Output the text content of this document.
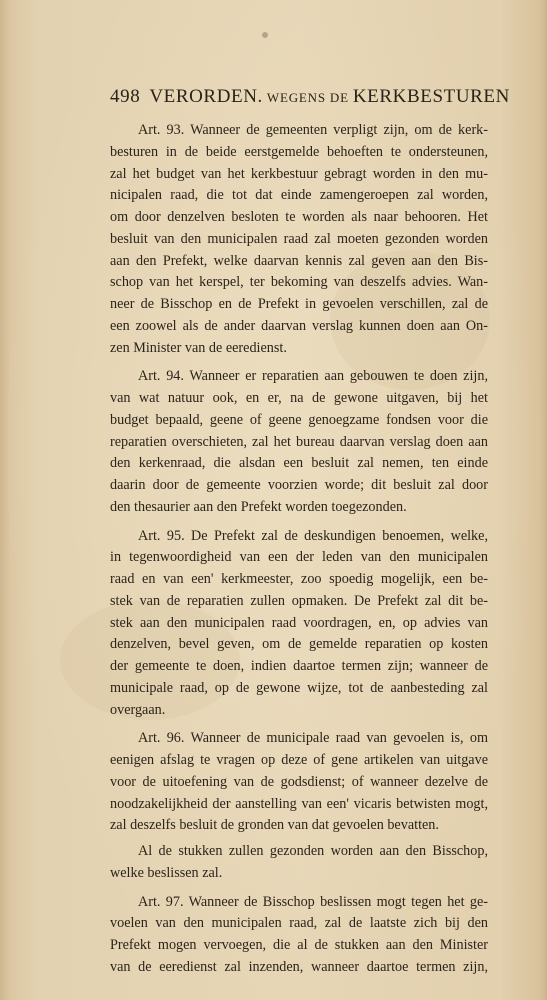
498 VERORDEN. WEGENS DE KERKBESTUREN
Art. 93. Wanneer de gemeenten verpligt zijn, om de kerk-
besturen in de beide eerstgemelde behoeften te ondersteunen,
zal het budget van het kerkbestuur gebragt worden in den mu-
nicipalen raad, die tot dat einde zamengeroepen zal worden,
om door denzelven besloten te worden als naar behooren. Het
besluit van den municipalen raad zal moeten gezonden worden
aan den Prefekt, welke daarvan kennis zal geven aan den Bis-
schop van het kerspel, ter bekoming van deszelfs advies. Wan-
neer de Bisschop en de Prefekt in gevoelen verschillen, zal de
een zoowel als de ander daarvan verslag kunnen doen aan On-
zen Minister van de eeredienst.
Art. 94. Wanneer er reparatien aan gebouwen te doen zijn,
van wat natuur ook, en er, na de gewone uitgaven, bij het
budget bepaald, geene of geene genoegzame fondsen voor die
reparatien overschieten, zal het bureau daarvan verslag doen aan
den kerkenraad, die alsdan een besluit zal nemen, ten einde
daarin door de gemeente voorzien worde; dit besluit zal door
den thesaurier aan den Prefekt worden toegezonden.
Art. 95. De Prefekt zal de deskundigen benoemen, welke,
in tegenwoordigheid van een der leden van den municipalen
raad en van een' kerkmeester, zoo spoedig mogelijk, een be-
stek van de reparatien zullen opmaken. De Prefekt zal dit be-
stek aan den municipalen raad voordragen, en, op advies van
denzelven, bevel geven, om de gemelde reparatien op kosten
der gemeente te doen, indien daartoe termen zijn; wanneer de
municipale raad, op de gewone wijze, tot de aanbesteding zal
overgaan.
Art. 96. Wanneer de municipale raad van gevoelen is, om
eenigen afslag te vragen op deze of gene artikelen van uitgave
voor de uitoefening van de godsdienst; of wanneer dezelve de
noodzakelijkheid der aanstelling van een' vicaris betwisten mogt,
zal deszelfs besluit de gronden van dat gevoelen bevatten.
Al de stukken zullen gezonden worden aan den Bisschop,
welke beslissen zal.
Art. 97. Wanneer de Bisschop beslissen mogt tegen het ge-
voelen van den municipalen raad, zal de laatste zich bij den
Prefekt mogen vervoegen, die al de stukken aan den Minister
van de eeredienst zal inzenden, wanneer daartoe termen zijn,
